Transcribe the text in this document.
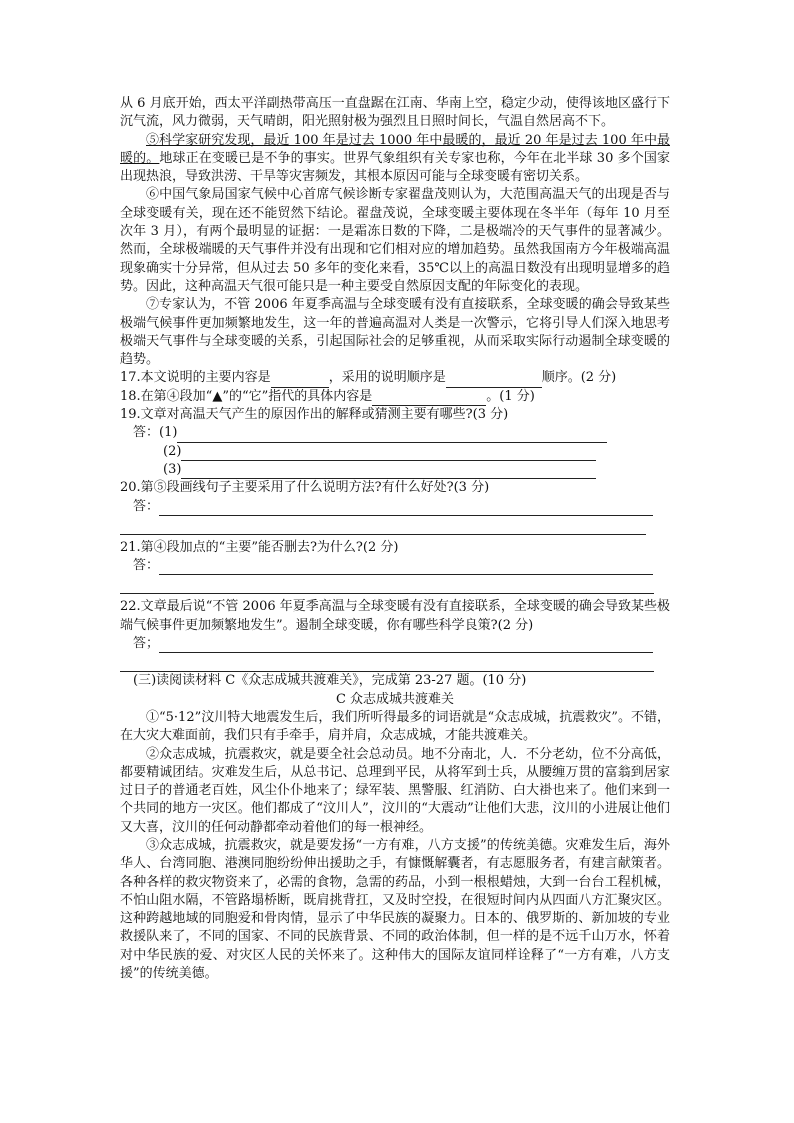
从 6 月底开始，西太平洋副热带高压一直盘踞在江南、华南上空，稳定少动，使得该地区盛行下沉气流，风力微弱，天气晴朗，阳光照射极为强烈且日照时间长，气温自然居高不下。

⑤科学家研究发现，最近 100 年是过去 1000 年中最暖的，最近 20 年是过去 100 年中最暖的。地球正在变暖已是不争的事实。世界气象组织有关专家也称，今年在北半球 30 多个国家出现热浪，导致洪涝、干旱等灾害频发，其根本原因可能与全球变暖有密切关系。

⑥中国气象局国家气候中心首席气候诊断专家翟盘茂则认为，大范围高温天气的出现是否与全球变暖有关，现在还不能贸然下结论。翟盘茂说，全球变暖主要体现在冬半年（每年 10 月至次年 3 月），有两个最明显的证据：一是霜冻日数的下降，二是极端冷的天气事件的显著减少。然而，全球极端暖的天气事件并没有出现和它们相对应的增加趋势。虽然我国南方今年极端高温现象确实十分异常，但从过去 50 多年的变化来看，35℃以上的高温日数没有出现明显增多的趋势。因此，这种高温天气很可能只是一种主要受自然原因支配的年际变化的表现。

⑦专家认为，不管 2006 年夏季高温与全球变暖有没有直接联系，全球变暖的确会导致某些极端气候事件更加频繁地发生，这一年的普遍高温对人类是一次警示，它将引导人们深入地思考极端天气事件与全球变暖的关系，引起国际社会的足够重视，从而采取实际行动遏制全球变暖的趋势。

17.本文说明的主要内容是	，采用的说明顺序是	顺序。(2 分)

18.在第④段加“▲”的“它”指代的具体内容是	。(1 分)

19.文章对高温天气产生的原因作出的解释或猜测主要有哪些?(3 分)

答： (1)
(2)
(3)

20.第⑤段画线句子主要采用了什么说明方法?有什么好处?(3 分)

答：

21.第④段加点的“主要”能否删去?为什么?(2 分)

答：

22.文章最后说“不管 2006 年夏季高温与全球变暖有没有直接联系，全球变暖的确会导致某些极端气候事件更加频繁地发生”。遏制全球变暖，你有哪些科学良策?(2 分)

答；

(三)读阅读材料 C《众志成城共渡难关》，完成第 23-27 题。(10 分)

C 众志成城共渡难关

①“5·12”汶川特大地震发生后，我们所听得最多的词语就是“众志成城，抗震救灾”。不错，在大灾大难面前，我们只有手牵手，肩并肩，众志成城，才能共渡难关。

②众志成城，抗震救灾，就是要全社会总动员。地不分南北，人．不分老幼，位不分高低，都要精诚团结。灾难发生后，从总书记、总理到平民，从将军到士兵，从腰缠万贯的富翁到居家过日子的普通老百姓，风尘仆仆地来了；绿军装、黑警服、红消防、白大褂也来了。他们来到一个共同的地方一灾区。他们都成了“汶川人”，汶川的“大震动”让他们大悲，汶川的小进展让他们又大喜，汶川的任何动静都牵动着他们的每一根神经。

③众志成城，抗震救灾，就是要发扬“一方有难，八方支援”的传统美德。灾难发生后，海外华人、台湾同胞、港澳同胞纷纷伸出援助之手，有慷慨解囊者，有志愿服务者，有建言献策者。各种各样的救灾物资来了，必需的食物，急需的药品，小到一根根蜡烛，大到一台台工程机械，不怕山阻水隔，不管路塌桥断，既肩挑背扛，又及时空投，在很短时间内从四面八方汇聚灾区。这种跨越地域的同胞爱和骨肉情，显示了中华民族的凝聚力。日本的、俄罗斯的、新加坡的专业救援队来了，不同的国家、不同的民族背景、不同的政治体制，但一样的是不远千山万水，怀着对中华民族的爱、对灾区人民的关怀来了。这种伟大的国际友谊同样诠释了“一方有难，八方支援”的传统美德。
